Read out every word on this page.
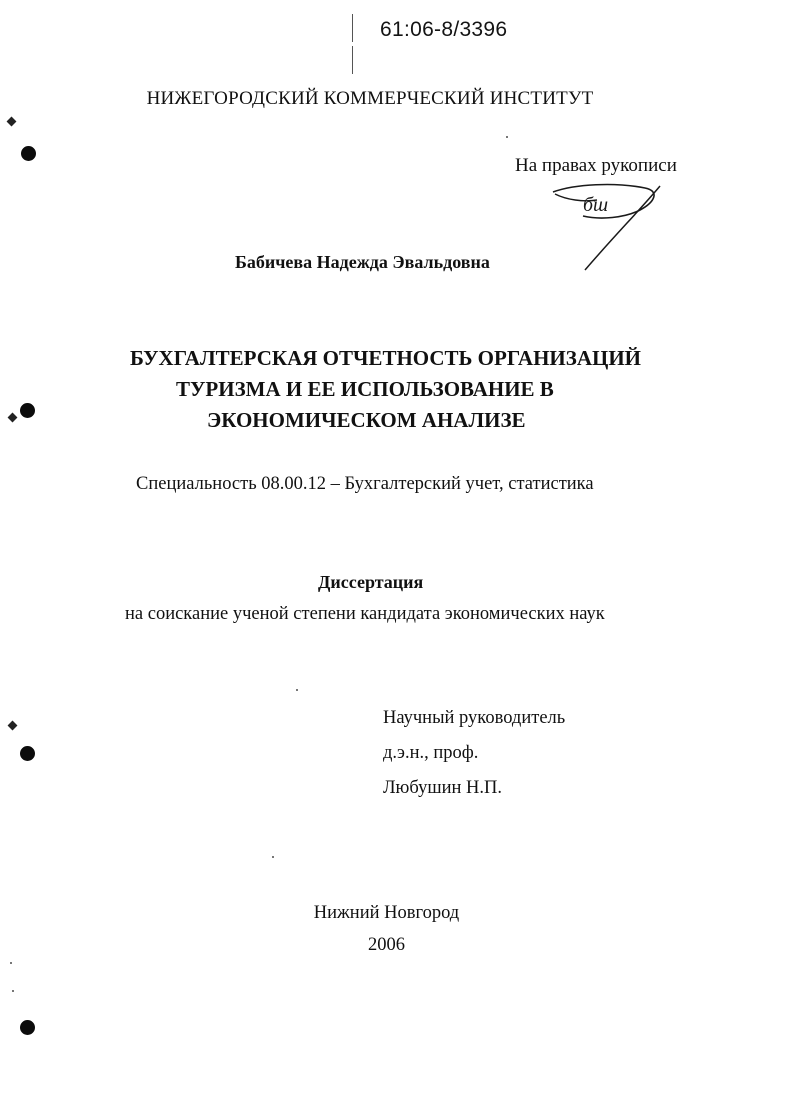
61:06-8/3396
НИЖЕГОРОДСКИЙ КОММЕРЧЕСКИЙ ИНСТИТУТ
На правах рукописи
бш
Бабичева Надежда Эвальдовна
БУХГАЛТЕРСКАЯ ОТЧЕТНОСТЬ ОРГАНИЗАЦИЙ
ТУРИЗМА И ЕЕ ИСПОЛЬЗОВАНИЕ В
ЭКОНОМИЧЕСКОМ АНАЛИЗЕ
Специальность 08.00.12 – Бухгалтерский учет, статистика
Диссертация
на соискание ученой степени кандидата экономических наук
Научный руководитель
д.э.н., проф.
Любушин Н.П.
Нижний Новгород
2006
